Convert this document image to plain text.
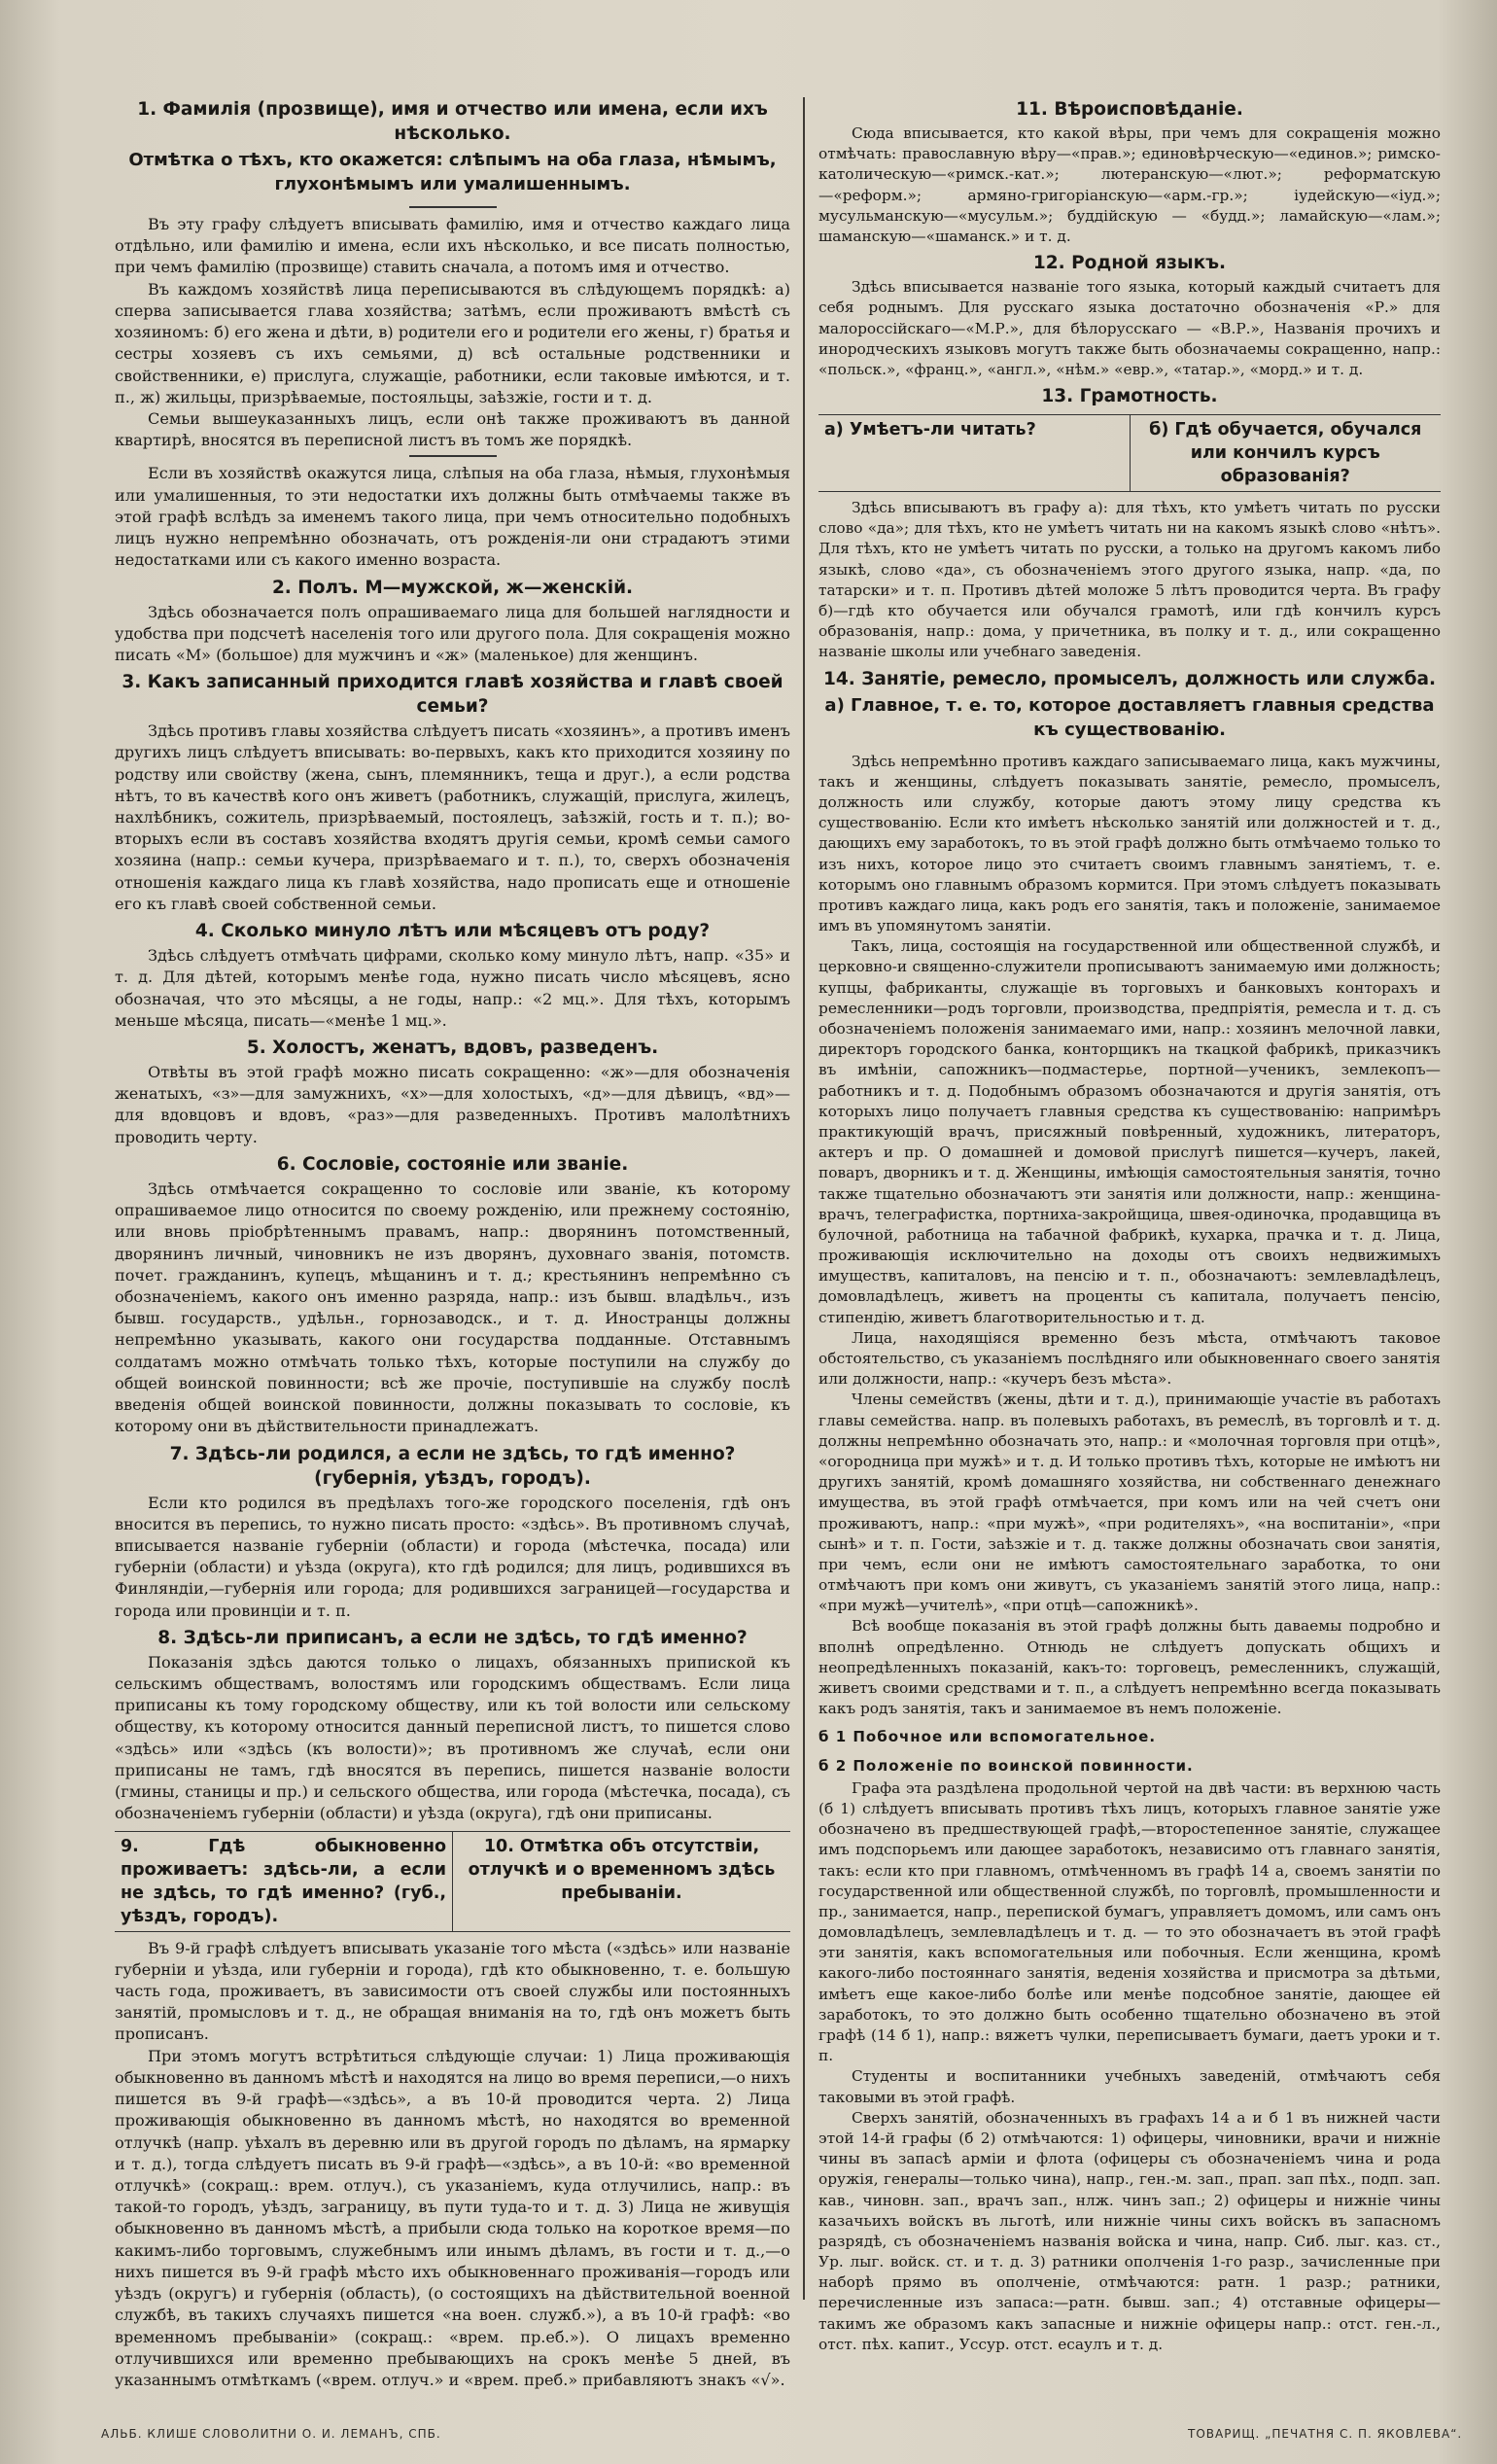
1. Фамилія (прозвище), имя и отчество или имена, если ихъ нѣсколько.
Отмѣтка о тѣхъ, кто окажется: слѣпымъ на оба глаза, нѣмымъ, глухонѣмымъ или умалишеннымъ.

Въ эту графу слѣдуетъ вписывать фамилію, имя и отчество каждаго лица отдѣльно, или фамилію и имена, если ихъ нѣсколько, и все писать полностью, при чемъ фамилію (прозвище) ставить сначала, а потомъ имя и отчество.

Въ каждомъ хозяйствѣ лица переписываются въ слѣдующемъ порядкѣ: а) сперва записывается глава хозяйства; затѣмъ, если проживаютъ вмѣстѣ съ хозяиномъ: б) его жена и дѣти, в) родители его и родители его жены, г) братья и сестры хозяевъ съ ихъ семьями, д) всѣ остальные родственники и свойственники, е) прислуга, служащіе, работники, если таковые имѣются, и т. п., ж) жильцы, призрѣваемые, постояльцы, заѣзжіе, гости и т. д.

Семьи вышеуказанныхъ лицъ, если онѣ также проживаютъ въ данной квартирѣ, вносятся въ переписной листъ въ томъ же порядкѣ.

Если въ хозяйствѣ окажутся лица, слѣпыя на оба глаза, нѣмыя, глухонѣмыя или умалишенныя, то эти недостатки ихъ должны быть отмѣчаемы также въ этой графѣ вслѣдъ за именемъ такого лица, при чемъ относительно подобныхъ лицъ нужно непремѣнно обозначать, отъ рожденія-ли они страдаютъ этими недостатками или съ какого именно возраста.

2. Полъ. М—мужской, ж—женскій.

Здѣсь обозначается полъ опрашиваемаго лица для большей наглядности и удобства при подсчетѣ населенія того или другого пола. Для сокращенія можно писать «М» (большое) для мужчинъ и «ж» (маленькое) для женщинъ.

3. Какъ записанный приходится главѣ хозяйства и главѣ своей семьи?

Здѣсь противъ главы хозяйства слѣдуетъ писать «хозяинъ», а противъ именъ другихъ лицъ слѣдуетъ вписывать: во-первыхъ, какъ кто приходится хозяину по родству или свойству (жена, сынъ, племянникъ, теща и друг.), а если родства нѣтъ, то въ качествѣ кого онъ живетъ (работникъ, служащій, прислуга, жилецъ, нахлѣбникъ, сожитель, призрѣваемый, постоялецъ, заѣзжій, гость и т. п.); во-вторыхъ если въ составъ хозяйства входятъ другія семьи, кромѣ семьи самого хозяина (напр.: семьи кучера, призрѣваемаго и т. п.), то, сверхъ обозначенія отношенія каждаго лица къ главѣ хозяйства, надо прописать еще и отношеніе его къ главѣ своей собственной семьи.

4. Сколько минуло лѣтъ или мѣсяцевъ отъ роду?

Здѣсь слѣдуетъ отмѣчать цифрами, сколько кому минуло лѣтъ, напр. «35» и т. д. Для дѣтей, которымъ менѣе года, нужно писать число мѣсяцевъ, ясно обозначая, что это мѣсяцы, а не годы, напр.: «2 мц.». Для тѣхъ, которымъ меньше мѣсяца, писать—«менѣе 1 мц.».

5. Холостъ, женатъ, вдовъ, разведенъ.

Отвѣты въ этой графѣ можно писать сокращенно: «ж»—для обозначенія женатыхъ, «з»—для замужнихъ, «х»—для холостыхъ, «д»—для дѣвицъ, «вд»—для вдовцовъ и вдовъ, «раз»—для разведенныхъ. Противъ малолѣтнихъ проводить черту.

6. Сословіе, состояніе или званіе.

Здѣсь отмѣчается сокращенно то сословіе или званіе, къ которому опрашиваемое лицо относится по своему рожденію, или прежнему состоянію, или вновь пріобрѣтеннымъ правамъ, напр.: дворянинъ потомственный, дворянинъ личный, чиновникъ не изъ дворянъ, духовнаго званія, потомств. почет. гражданинъ, купецъ, мѣщанинъ и т. д.; крестьянинъ непремѣнно съ обозначеніемъ, какого онъ именно разряда, напр.: изъ бывш. владѣльч., изъ бывш. государств., удѣльн., горнозаводск., и т. д. Иностранцы должны непремѣнно указывать, какого они государства подданные. Отставнымъ солдатамъ можно отмѣчать только тѣхъ, которые поступили на службу до общей воинской повинности; всѣ же прочіе, поступившіе на службу послѣ введенія общей воинской повинности, должны показывать то сословіе, къ которому они въ дѣйствительности принадлежатъ.

7. Здѣсь-ли родился, а если не здѣсь, то гдѣ именно? (губернія, уѣздъ, городъ).

Если кто родился въ предѣлахъ того-же городского поселенія, гдѣ онъ вносится въ перепись, то нужно писать просто: «здѣсь». Въ противномъ случаѣ, вписывается названіе губерніи (области) и города (мѣстечка, посада) или губерніи (области) и уѣзда (округа), кто гдѣ родился; для лицъ, родившихся въ Финляндіи,—губернія или города; для родившихся заграницей—государства и города или провинціи и т. п.

8. Здѣсь-ли приписанъ, а если не здѣсь, то гдѣ именно?

Показанія здѣсь даются только о лицахъ, обязанныхъ припиской къ сельскимъ обществамъ, волостямъ или городскимъ обществамъ. Если лица приписаны къ тому городскому обществу, или къ той волости или сельскому обществу, къ которому относится данный переписной листъ, то пишется слово «здѣсь» или «здѣсь (къ волости)»; въ противномъ же случаѣ, если они приписаны не тамъ, гдѣ вносятся въ перепись, пишется названіе волости (гмины, станицы и пр.) и сельского общества, или города (мѣстечка, посада), съ обозначеніемъ губерніи (области) и уѣзда (округа), гдѣ они приписаны.

9. Гдѣ обыкновенно проживаетъ: здѣсь-ли, а если не здѣсь, то гдѣ именно? (губ., уѣздъ, городъ).
10. Отмѣтка объ отсутствіи, отлучкѣ и о временномъ здѣсь пребываніи.

Въ 9-й графѣ слѣдуетъ вписывать указаніе того мѣста («здѣсь» или названіе губерніи и уѣзда, или губерніи и города), гдѣ кто обыкновенно, т. е. большую часть года, проживаетъ, въ зависимости отъ своей службы или постоянныхъ занятій, промысловъ и т. д., не обращая вниманія на то, гдѣ онъ можетъ быть прописанъ.

При этомъ могутъ встрѣтиться слѣдующіе случаи: 1) Лица проживающія обыкновенно въ данномъ мѣстѣ и находятся на лицо во время переписи,—о нихъ пишется въ 9-й графѣ—«здѣсь», а въ 10-й проводится черта. 2) Лица проживающія обыкновенно въ данномъ мѣстѣ, но находятся во временной отлучкѣ (напр. уѣхалъ въ деревню или въ другой городъ по дѣламъ, на ярмарку и т. д.), тогда слѣдуетъ писать въ 9-й графѣ—«здѣсь», а въ 10-й: «во временной отлучкѣ» (сокращ.: врем. отлуч.), съ указаніемъ, куда отлучились, напр.: въ такой-то городъ, уѣздъ, заграницу, въ пути туда-то и т. д. 3) Лица не живущія обыкновенно въ данномъ мѣстѣ, а прибыли сюда только на короткое время—по какимъ-либо торговымъ, служебнымъ или инымъ дѣламъ, въ гости и т. д.,—о нихъ пишется въ 9-й графѣ мѣсто ихъ обыкновеннаго проживанія—городъ или уѣздъ (округъ) и губернія (область), (о состоящихъ на дѣйствительной военной службѣ, въ такихъ случаяхъ пишется «на воен. служб.»), а въ 10-й графѣ: «во временномъ пребываніи» (сокращ.: «врем. пр.еб.»). О лицахъ временно отлучившихся или временно пребывающихъ на срокъ менѣе 5 дней, въ указаннымъ отмѣткамъ («врем. отлуч.» и «врем. преб.» прибавляютъ знакъ «√».

11. Вѣроисповѣданіе.

Сюда вписывается, кто какой вѣры, при чемъ для сокращенія можно отмѣчать: православную вѣру—«прав.»; единовѣрческую—«единов.»; римско-католическую—«римск.-кат.»; лютеранскую—«лют.»; реформатскую—«реформ.»; армяно-григоріанскую—«арм.-гр.»; іудейскую—«іуд.»; мусульманскую—«мусульм.»; буддійскую — «будд.»; ламайскую—«лам.»; шаманскую—«шаманск.» и т. д.

12. Родной языкъ.

Здѣсь вписывается названіе того языка, который каждый считаетъ для себя роднымъ. Для русскаго языка достаточно обозначенія «Р.» для малороссійскаго—«М.Р.», для бѣлорусскаго — «В.Р.», Названія прочихъ и инородческихъ языковъ могутъ также быть обозначаемы сокращенно, напр.: «польск.», «франц.», «англ.», «нѣм.» «евр.», «татар.», «морд.» и т. д.

13. Грамотность.
а) Умѣетъ-ли читать?	б) Гдѣ обучается, обучался или кончилъ курсъ образованія?

Здѣсь вписываютъ въ графу а): для тѣхъ, кто умѣетъ читать по русски слово «да»; для тѣхъ, кто не умѣетъ читать ни на какомъ языкѣ слово «нѣтъ». Для тѣхъ, кто не умѣетъ читать по русски, а только на другомъ какомъ либо языкѣ, слово «да», съ обозначеніемъ этого другого языка, напр. «да, по татарски» и т. п. Противъ дѣтей моложе 5 лѣтъ проводится черта. Въ графу б)—гдѣ кто обучается или обучался грамотѣ, или гдѣ кончилъ курсъ образованія, напр.: дома, у причетника, въ полку и т. д., или сокращенно названіе школы или учебнаго заведенія.

14. Занятіе, ремесло, промыселъ, должность или служба.
а) Главное, т. е. то, которое доставляетъ главныя средства къ существованію.

Здѣсь непремѣнно противъ каждаго записываемаго лица, какъ мужчины, такъ и женщины, слѣдуетъ показывать занятіе, ремесло, промыселъ, должность или службу, которые даютъ этому лицу средства къ существованію. Если кто имѣетъ нѣсколько занятій или должностей и т. д., дающихъ ему заработокъ, то въ этой графѣ должно быть отмѣчаемо только то изъ нихъ, которое лицо это считаетъ своимъ главнымъ занятіемъ, т. е. которымъ оно главнымъ образомъ кормится. При этомъ слѣдуетъ показывать противъ каждаго лица, какъ родъ его занятія, такъ и положеніе, занимаемое имъ въ упомянутомъ занятіи.

Такъ, лица, состоящія на государственной или общественной службѣ, и церковно-и священно-служители прописываютъ занимаемую ими должность; купцы, фабриканты, служащіе въ торговыхъ и банковыхъ конторахъ и ремесленники—родъ торговли, производства, предпріятія, ремесла и т. д. съ обозначеніемъ положенія занимаемаго ими, напр.: хозяинъ мелочной лавки, директоръ городского банка, конторщикъ на ткацкой фабрикѣ, приказчикъ въ имѣніи, сапожникъ—подмастерье, портной—ученикъ, землекопъ—работникъ и т. д. Подобнымъ образомъ обозначаются и другія занятія, отъ которыхъ лицо получаетъ главныя средства къ существованію: напримѣръ практикующій врачъ, присяжный повѣренный, художникъ, литераторъ, актеръ и пр. О домашней и домовой прислугѣ пишется—кучеръ, лакей, поваръ, дворникъ и т. д. Женщины, имѣющія самостоятельныя занятія, точно также тщательно обозначаютъ эти занятія или должности, напр.: женщина-врачъ, телеграфистка, портниха-закройщица, швея-одиночка, продавщица въ булочной, работница на табачной фабрикѣ, кухарка, прачка и т. д. Лица, проживающія исключительно на доходы отъ своихъ недвижимыхъ имуществъ, капиталовъ, на пенсію и т. п., обозначаютъ: землевладѣлецъ, домовладѣлецъ, живетъ на проценты съ капитала, получаетъ пенсію, стипендію, живетъ благотворительностью и т. д.

Лица, находящіяся временно безъ мѣста, отмѣчаютъ таковое обстоятельство, съ указаніемъ послѣдняго или обыкновеннаго своего занятія или должности, напр.: «кучеръ безъ мѣста».

Члены семействъ (жены, дѣти и т. д.), принимающіе участіе въ работахъ главы семейства. напр. въ полевыхъ работахъ, въ ремеслѣ, въ торговлѣ и т. д. должны непремѣнно обозначать это, напр.: и «молочная торговля при отцѣ», «огородница при мужѣ» и т. д. И только противъ тѣхъ, которые не имѣютъ ни другихъ занятій, кромѣ домашняго хозяйства, ни собственнаго денежнаго имущества, въ этой графѣ отмѣчается, при комъ или на чей счетъ они проживаютъ, напр.: «при мужѣ», «при родителяхъ», «на воспитаніи», «при сынѣ» и т. п. Гости, заѣзжіе и т. д. также должны обозначать свои занятія, при чемъ, если они не имѣютъ самостоятельнаго заработка, то они отмѣчаютъ при комъ они живутъ, съ указаніемъ занятій этого лица, напр.: «при мужѣ—учителѣ», «при отцѣ—сапожникѣ».

Всѣ вообще показанія въ этой графѣ должны быть даваемы подробно и вполнѣ опредѣленно. Отнюдь не слѣдуетъ допускать общихъ и неопредѣленныхъ показаній, какъ-то: торговецъ, ремесленникъ, служащій, живетъ своими средствами и т. п., а слѣдуетъ непремѣнно всегда показывать какъ родъ занятія, такъ и занимаемое въ немъ положеніе.

б 1 Побочное или вспомогательное.
б 2 Положеніе по воинской повинности.

Графа эта раздѣлена продольной чертой на двѣ части: въ верхнюю часть (б 1) слѣдуетъ вписывать противъ тѣхъ лицъ, которыхъ главное занятіе уже обозначено въ предшествующей графѣ,—второстепенное занятіе, служащее имъ подспорьемъ или дающее заработокъ, независимо отъ главнаго занятія, такъ: если кто при главномъ, отмѣченномъ въ графѣ 14 а, своемъ занятіи по государственной или общественной службѣ, по торговлѣ, промышленности и пр., занимается, напр., перепиской бумагъ, управляетъ домомъ, или самъ онъ домовладѣлецъ, землевладѣлецъ и т. д. — то это обозначаетъ въ этой графѣ эти занятія, какъ вспомогательныя или побочныя. Если женщина, кромѣ какого-либо постояннаго занятія, веденія хозяйства и присмотра за дѣтьми, имѣетъ еще какое-либо болѣе или менѣе подсобное занятіе, дающее ей заработокъ, то это должно быть особенно тщательно обозначено въ этой графѣ (14 б 1), напр.: вяжетъ чулки, переписываетъ бумаги, даетъ уроки и т. п.

Студенты и воспитанники учебныхъ заведеній, отмѣчаютъ себя таковыми въ этой графѣ.

Сверхъ занятій, обозначенныхъ въ графахъ 14 а и б 1 въ нижней части этой 14-й графы (б 2) отмѣчаются: 1) офицеры, чиновники, врачи и нижніе чины въ запасѣ арміи и флота (офицеры съ обозначеніемъ чина и рода оружія, генералы—только чина), напр., ген.-м. зап., прап. зап пѣх., подп. зап. кав., чиновн. зап., врачъ зап., нлж. чинъ зап.; 2) офицеры и нижніе чины казачьихъ войскъ въ льготѣ, или нижніе чины сихъ войскъ въ запасномъ разрядѣ, съ обозначеніемъ названія войска и чина, напр. Сиб. лыг. каз. ст., Ур. лыг. войск. ст. и т. д. 3) ратники ополченія 1-го разр., зачисленные при наборѣ прямо въ ополченіе, отмѣчаются: ратн. 1 разр.; ратники, перечисленные изъ запаса:—ратн. бывш. зап.; 4) отставные офицеры—такимъ же образомъ какъ запасные и нижніе офицеры напр.: отст. ген.-л., отст. пѣх. капит., Уссур. отст. есаулъ и т. д.

АЛЬБ. КЛИШЕ СЛОВОЛИТНИ О. И. ЛЕМАНЪ, СПБ.	ТОВАРИЩ. „ПЕЧАТНЯ С. П. ЯКОВЛЕВА“.
